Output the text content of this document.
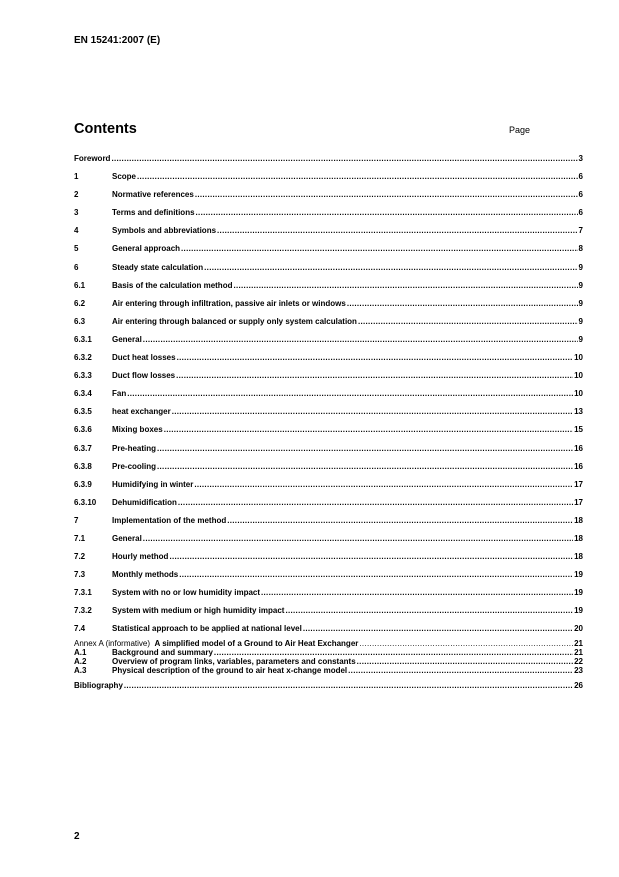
EN 15241:2007 (E)
Contents	Page
Foreword .....	3
1	Scope .....	6
2	Normative references .....	6
3	Terms and definitions .....	6
4	Symbols and abbreviations .....	7
5	General approach .....	8
6	Steady state calculation .....	9
6.1	Basis of the calculation method .....	9
6.2	Air entering through infiltration, passive air inlets or windows .....	9
6.3	Air entering through balanced or supply only system calculation .....	9
6.3.1	General .....	9
6.3.2	Duct heat losses .....	10
6.3.3	Duct flow losses .....	10
6.3.4	Fan .....	10
6.3.5	heat exchanger .....	13
6.3.6	Mixing boxes .....	15
6.3.7	Pre-heating .....	16
6.3.8	Pre-cooling .....	16
6.3.9	Humidifying in winter .....	17
6.3.10	Dehumidification .....	17
7	Implementation of the method .....	18
7.1	General .....	18
7.2	Hourly method .....	18
7.3	Monthly methods .....	19
7.3.1	System with no or low humidity impact .....	19
7.3.2	System with medium or high humidity impact .....	19
7.4	Statistical approach to be applied at national level .....	20
Annex A (informative) A simplified model of a Ground to Air Heat Exchanger .....	21
A.1	Background and summary .....	21
A.2	Overview of program links, variables, parameters and constants .....	22
A.3	Physical description of the ground to air heat x-change model .....	23
Bibliography .....	26
2
